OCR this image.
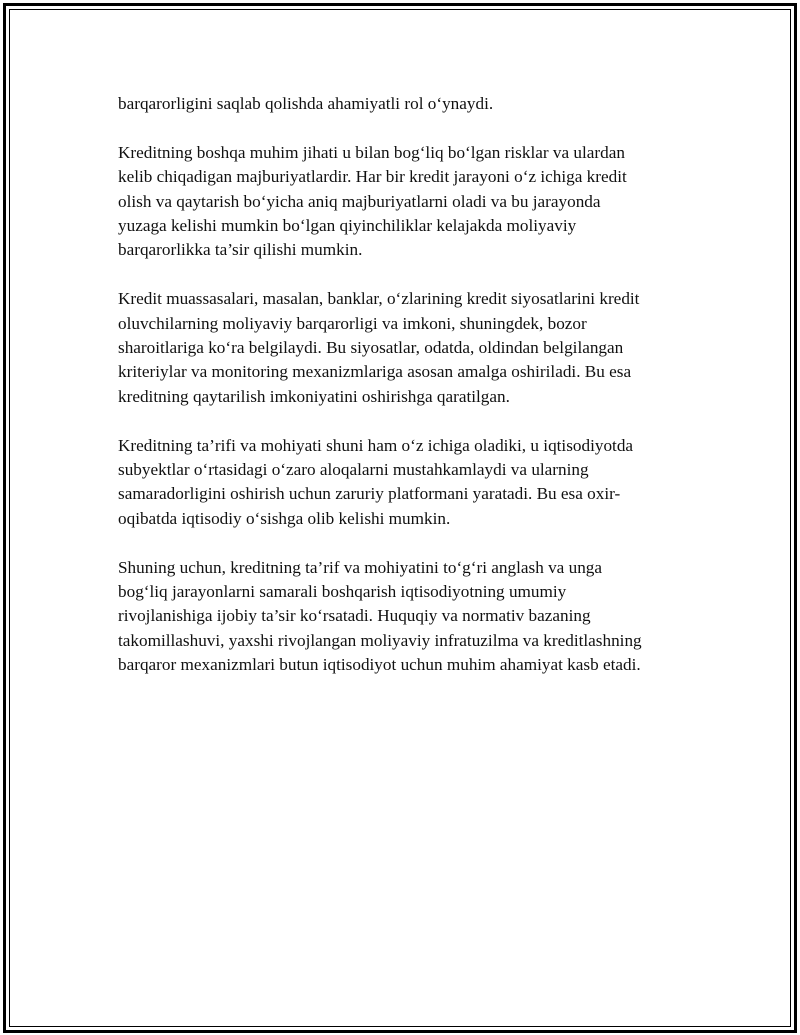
barqarorligini saqlab qolishda ahamiyatli rol o‘ynaydi.

Kreditning boshqa muhim jihati u bilan bog‘liq bo‘lgan risklar va ulardan
kelib chiqadigan majburiyatlardir. Har bir kredit jarayoni o‘z ichiga kredit
olish va qaytarish bo‘yicha aniq majburiyatlarni oladi va bu jarayonda
yuzaga kelishi mumkin bo‘lgan qiyinchiliklar kelajakda moliyaviy
barqarorlikka ta’sir qilishi mumkin.

Kredit muassasalari, masalan, banklar, o‘zlarining kredit siyosatlarini kredit
oluvchilarning moliyaviy barqarorligi va imkoni, shuningdek, bozor
sharoitlariga ko‘ra belgilaydi. Bu siyosatlar, odatda, oldindan belgilangan
kriteriylar va monitoring mexanizmlariga asosan amalga oshiriladi. Bu esa
kreditning qaytarilish imkoniyatini oshirishga qaratilgan.

Kreditning ta’rifi va mohiyati shuni ham o‘z ichiga oladiki, u iqtisodiyotda
subyektlar o‘rtasidagi o‘zaro aloqalarni mustahkamlaydi va ularning
samaradorligini oshirish uchun zaruriy platformani yaratadi. Bu esa oxir-
oqibatda iqtisodiy o‘sishga olib kelishi mumkin.

Shuning uchun, kreditning ta’rif va mohiyatini to‘g‘ri anglash va unga
bog‘liq jarayonlarni samarali boshqarish iqtisodiyotning umumiy
rivojlanishiga ijobiy ta’sir ko‘rsatadi. Huquqiy va normativ bazaning
takomillashuvi, yaxshi rivojlangan moliyaviy infratuzilma va kreditlashning
barqaror mexanizmlari butun iqtisodiyot uchun muhim ahamiyat kasb etadi.
